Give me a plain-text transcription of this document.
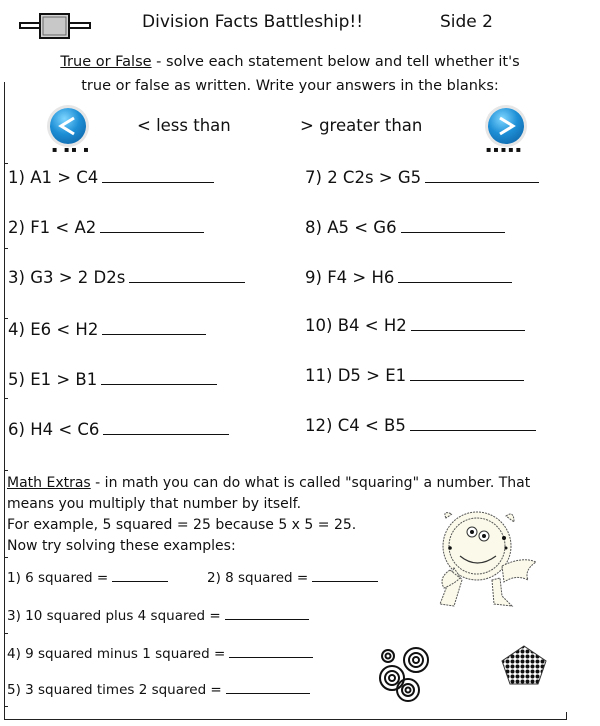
Division Facts Battleship!!	Side 2
True or False - solve each statement below and tell whether it's
true or false as written. Write your answers in the blanks:
▪ ▪▪ ▪
< less than	> greater than
▪▪▪▪▪
1) A1 > C4
2) F1 < A2
3) G3 > 2 D2s
4) E6 < H2
5) E1 > B1
6) H4 < C6
7) 2 C2s > G5
8) A5 < G6
9) F4 > H6
10) B4 < H2
11) D5 > E1
12) C4 < B5
Math Extras - in math you can do what is called "squaring" a number. That
means you multiply that number by itself.
For example, 5 squared = 25 because 5 x 5 = 25.
Now try solving these examples:
1) 6 squared =	2) 8 squared =
3) 10 squared plus 4 squared =
4) 9 squared minus 1 squared =
5) 3 squared times 2 squared =
